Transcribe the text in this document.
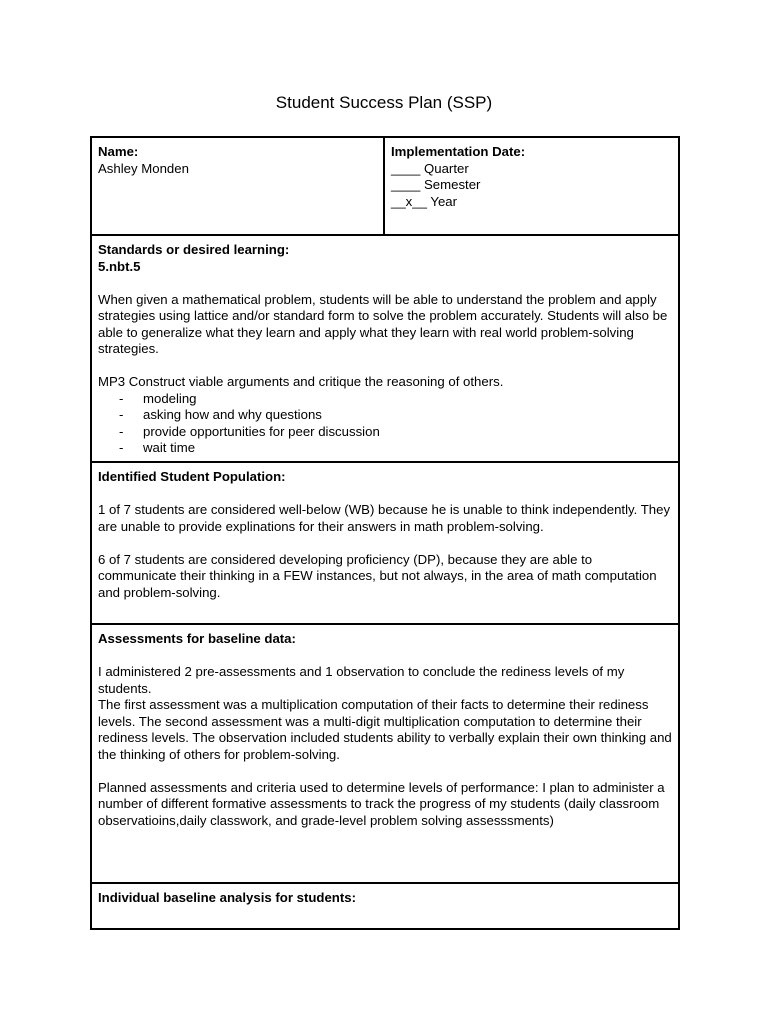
Student Success Plan (SSP)

Name:

Ashley Monden

Implementation Date:

____ Quarter

____ Semester

__x__ Year

Standards or desired learning:

5.nbt.5

When given a mathematical problem, students will be able to understand the problem and apply strategies using lattice and/or standard form to solve the problem accurately. Students will also be able to generalize what they learn and apply what they learn with real world problem-solving strategies.

MP3 Construct viable arguments and critique the reasoning of others.

- modeling
- asking how and why questions
- provide opportunities for peer discussion
- wait time

Identified Student Population:

1 of 7 students are considered well-below (WB) because he is unable to think independently. They are unable to provide explinations for their answers in math problem-solving.

6 of 7 students are considered developing proficiency (DP), because they are able to communicate their thinking in a FEW instances, but not always, in the area of math computation and problem-solving.

Assessments for baseline data:

I administered 2 pre-assessments and 1 observation to conclude the rediness levels of my students.

The first assessment was a multiplication computation of their facts to determine their rediness levels. The second assessment was a multi-digit multiplication computation to determine their rediness levels. The observation included students ability to verbally explain their own thinking and the thinking of others for problem-solving.

Planned assessments and criteria used to determine levels of performance: I plan to administer a number of different formative assessments to track the progress of my students (daily classroom observatioins,daily classwork, and grade-level problem solving assesssments)

Individual baseline analysis for students:
